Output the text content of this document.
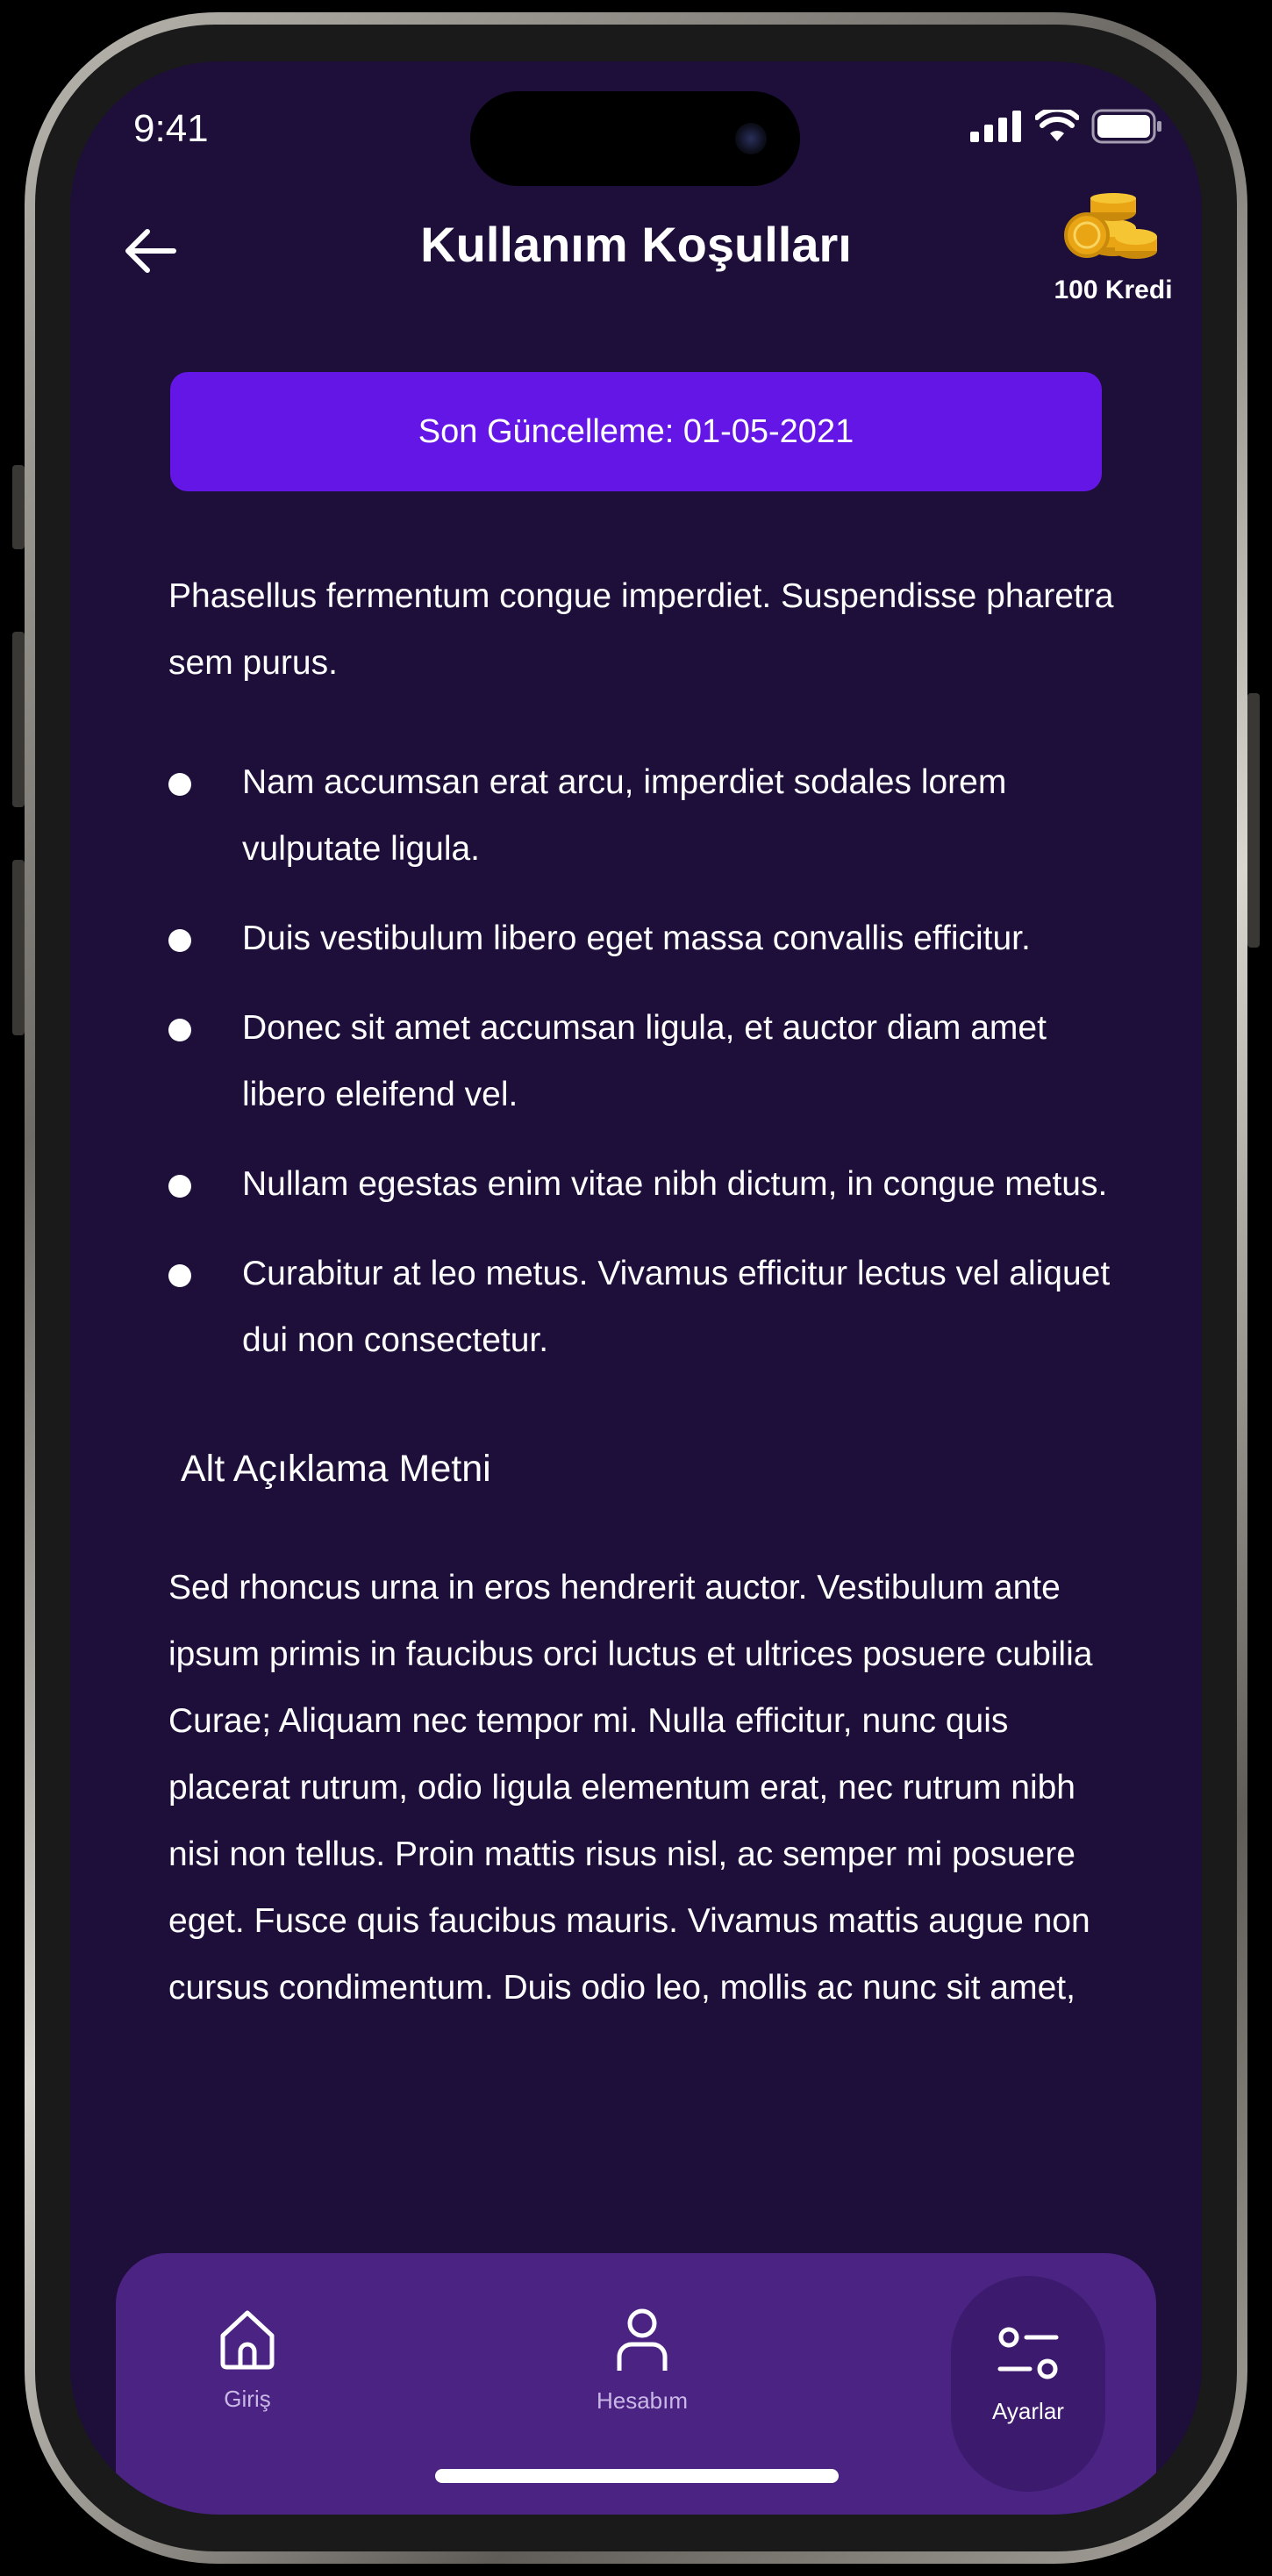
9:41
Kullanım Koşulları
100 Kredi
Son Güncelleme: 01-05-2021

Phasellus fermentum congue imperdiet. Suspendisse pharetra sem purus.

Nam accumsan erat arcu, imperdiet sodales lorem vulputate ligula.
Duis vestibulum libero eget massa convallis efficitur.
Donec sit amet accumsan ligula, et auctor diam amet libero eleifend vel.
Nullam egestas enim vitae nibh dictum, in congue metus.
Curabitur at leo metus. Vivamus efficitur lectus vel aliquet dui non consectetur.
Alt Açıklama Metni

Sed rhoncus urna in eros hendrerit auctor. Vestibulum ante ipsum primis in faucibus orci luctus et ultrices posuere cubilia Curae; Aliquam nec tempor mi. Nulla efficitur, nunc quis placerat rutrum, odio ligula elementum erat, nec rutrum nibh nisi non tellus. Proin mattis risus nisl, ac semper mi posuere eget. Fusce quis faucibus mauris. Vivamus mattis augue non cursus condimentum. Duis odio leo, mollis ac nunc sit amet,

Giriş	Hesabım	Ayarlar
